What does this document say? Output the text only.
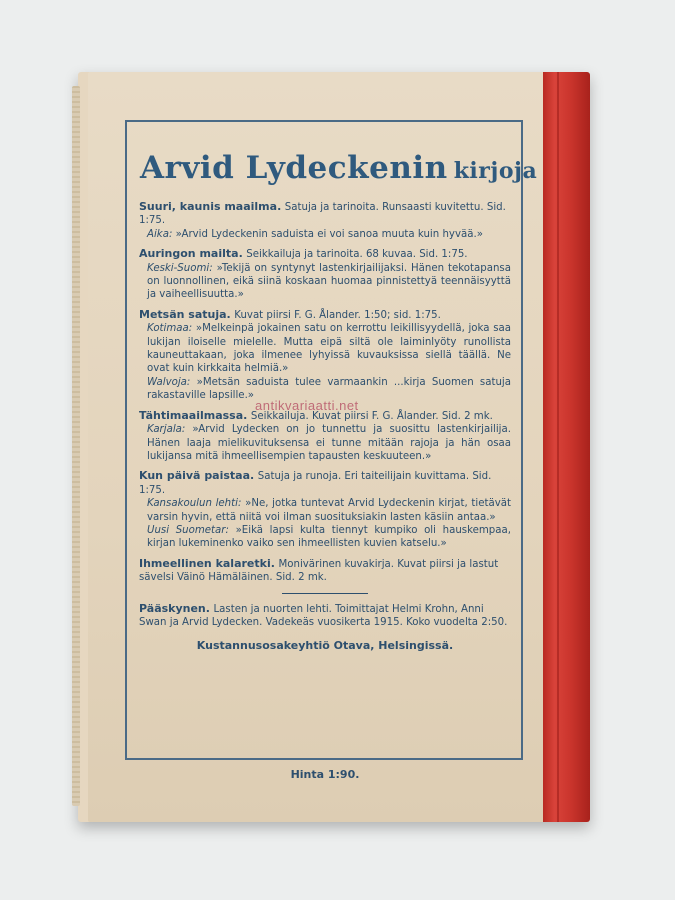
Arvid Lydeckenin kirjoja
Suuri, kaunis maailma. Satuja ja tarinoita. Runsaasti kuvitettu. Sid. 1:75.
Aika: »Arvid Lydeckenin saduista ei voi sanoa muuta kuin hyvää.»
Auringon mailta. Seikkailuja ja tarinoita. 68 kuvaa. Sid. 1:75.
Keski-Suomi: »Tekijä on syntynyt lastenkirjailijaksi. Hänen tekotapansa on luonnollinen, eikä siinä koskaan huomaa pinnistettyä teennäisyyttä ja vaiheellisuutta.»
Metsän satuja. Kuvat piirsi F. G. Ålander. 1:50; sid. 1:75.
Kotimaa: »Melkeinpä jokainen satu on kerrottu leikillisyydellä, joka saa lukijan iloiselle mielelle. Mutta eipä siltä ole laiminlyöty runollista kauneuttakaan, joka ilmenee lyhyissä kuvauksissa siellä täällä. Ne ovat kuin kirkkaita helmiä.»
Walvoja: »Metsän saduista tulee varmaankin ...kirja Suomen satuja rakastaville lapsille.»
Tähtimaailmassa. Seikkailuja. Kuvat piirsi F. G. Ålander. Sid. 2 mk.
Karjala: »Arvid Lydecken on jo tunnettu ja suosittu lastenkirjailija. Hänen laaja mielikuvituksensa ei tunne mitään rajoja ja hän osaa lukijansa mitä ihmeellisempien tapausten keskuuteen.»
Kun päivä paistaa. Satuja ja runoja. Eri taiteilijain kuvittama. Sid. 1:75.
Kansakoulun lehti: »Ne, jotka tuntevat Arvid Lydeckenin kirjat, tietävät varsin hyvin, että niitä voi ilman suosituksiakin lasten käsiin antaa.»
Uusi Suometar: »Eikä lapsi kulta tiennyt kumpiko oli hauskempaa, kirjan lukeminenko vaiko sen ihmeellisten kuvien katselu.»
Ihmeellinen kalaretki. Monivärinen kuvakirja. Kuvat piirsi ja lastut sävelsi Väinö Hämäläinen. Sid. 2 mk.
Pääskynen. Lasten ja nuorten lehti. Toimittajat Helmi Krohn, Anni Swan ja Arvid Lydecken. Vadekeäs vuosikerta 1915. Koko vuodelta 2:50.
Kustannusosakeyhtiö Otava, Helsingissä.
Hinta 1:90.
antikvariaatti.net
